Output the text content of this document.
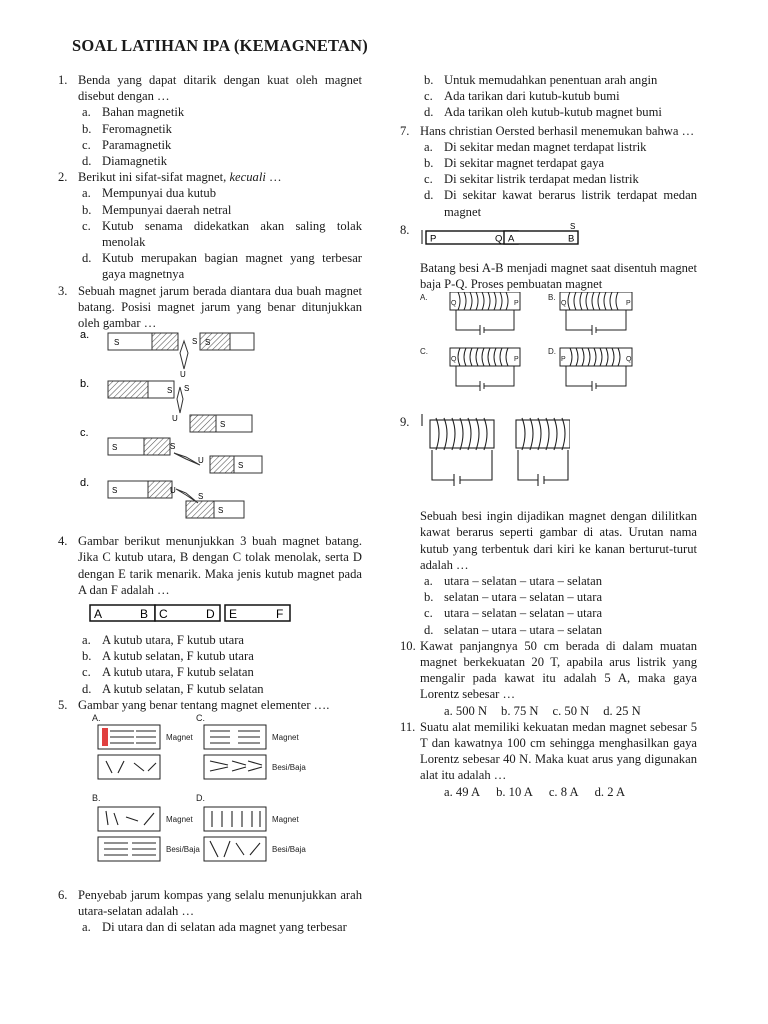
SOAL LATIHAN IPA (KEMAGNETAN)
1. Benda yang dapat ditarik dengan kuat oleh magnet disebut dengan …
a. Bahan magnetik
b. Feromagnetik
c. Paramagnetik
d. Diamagnetik
2. Berikut ini sifat-sifat magnet, kecuali …
a. Mempunyai dua kutub
b. Mempunyai daerah netral
c. Kutub senama didekatkan akan saling tolak menolak
d. Kutub merupakan bagian magnet yang terbesar gaya magnetnya
3. Sebuah magnet jarum berada diantara dua buah magnet batang. Posisi magnet jarum yang benar ditunjukkan oleh gambar …
a.
S	S
U
S
b.
S S
U
S
c.
S	S
U
S
d.
S	U
S
S
4. Gambar berikut menunjukkan 3 buah magnet batang. Jika C kutub utara, B dengan C tolak menolak, serta D dengan E tarik menarik. Maka jenis kutub magnet pada A dan F adalah …
A	B C	D E	F
a. A kutub utara, F kutub utara
b. A kutub selatan, F kutub utara
c. A kutub utara, F kutub selatan
d. A kutub selatan, F kutub selatan
5. Gambar yang benar tentang magnet elementer ….
A.	C.
B.	D.
Magnet	Magnet
Besi/Baja
Magnet	Magnet
Besi/Baja	Besi/Baja
6. Penyebab jarum kompas yang selalu menunjukkan arah utara-selatan adalah …
a. Di utara dan di selatan ada magnet yang terbesar
b. Untuk memudahkan penentuan arah angin
c. Ada tarikan dari kutub-kutub bumi
d. Ada tarikan oleh kutub-kutub magnet bumi
7. Hans christian Oersted berhasil menemukan bahwa …
a. Di sekitar medan magnet terdapat listrik
b. Di sekitar magnet terdapat gaya
c. Di sekitar listrik terdapat medan listrik
d. Di sekitar kawat berarus listrik terdapat medan magnet
8.	S
P	Q A	B
Batang besi A-B menjadi magnet saat disentuh magnet baja P-Q. Proses pembuatan magnet
A.	B.
C.	D.
Q	P	Q	P
Q	P	P	Q
9.
Sebuah besi ingin dijadikan magnet dengan dililitkan kawat berarus seperti gambar di atas. Urutan nama kutub yang terbentuk dari kiri ke kanan berturut-turut adalah …
a. utara – selatan – utara – selatan
b. selatan – utara – selatan – utara
c. utara – selatan – selatan – utara
d. selatan – utara – utara – selatan
10. Kawat panjangnya 50 cm berada di dalam muatan magnet berkekuatan 20 T, apabila arus listrik yang mengalir pada kawat itu adalah 5 A, maka gaya Lorentz sebesar …
a. 500 N b. 75 N c. 50 N d. 25 N
11. Suatu alat memiliki kekuatan medan magnet sebesar 5 T dan kawatnya 100 cm sehingga menghasilkan gaya Lorentz sebesar 40 N. Maka kuat arus yang digunakan alat itu adalah …
a. 49 A b. 10 A c. 8 A d. 2 A
